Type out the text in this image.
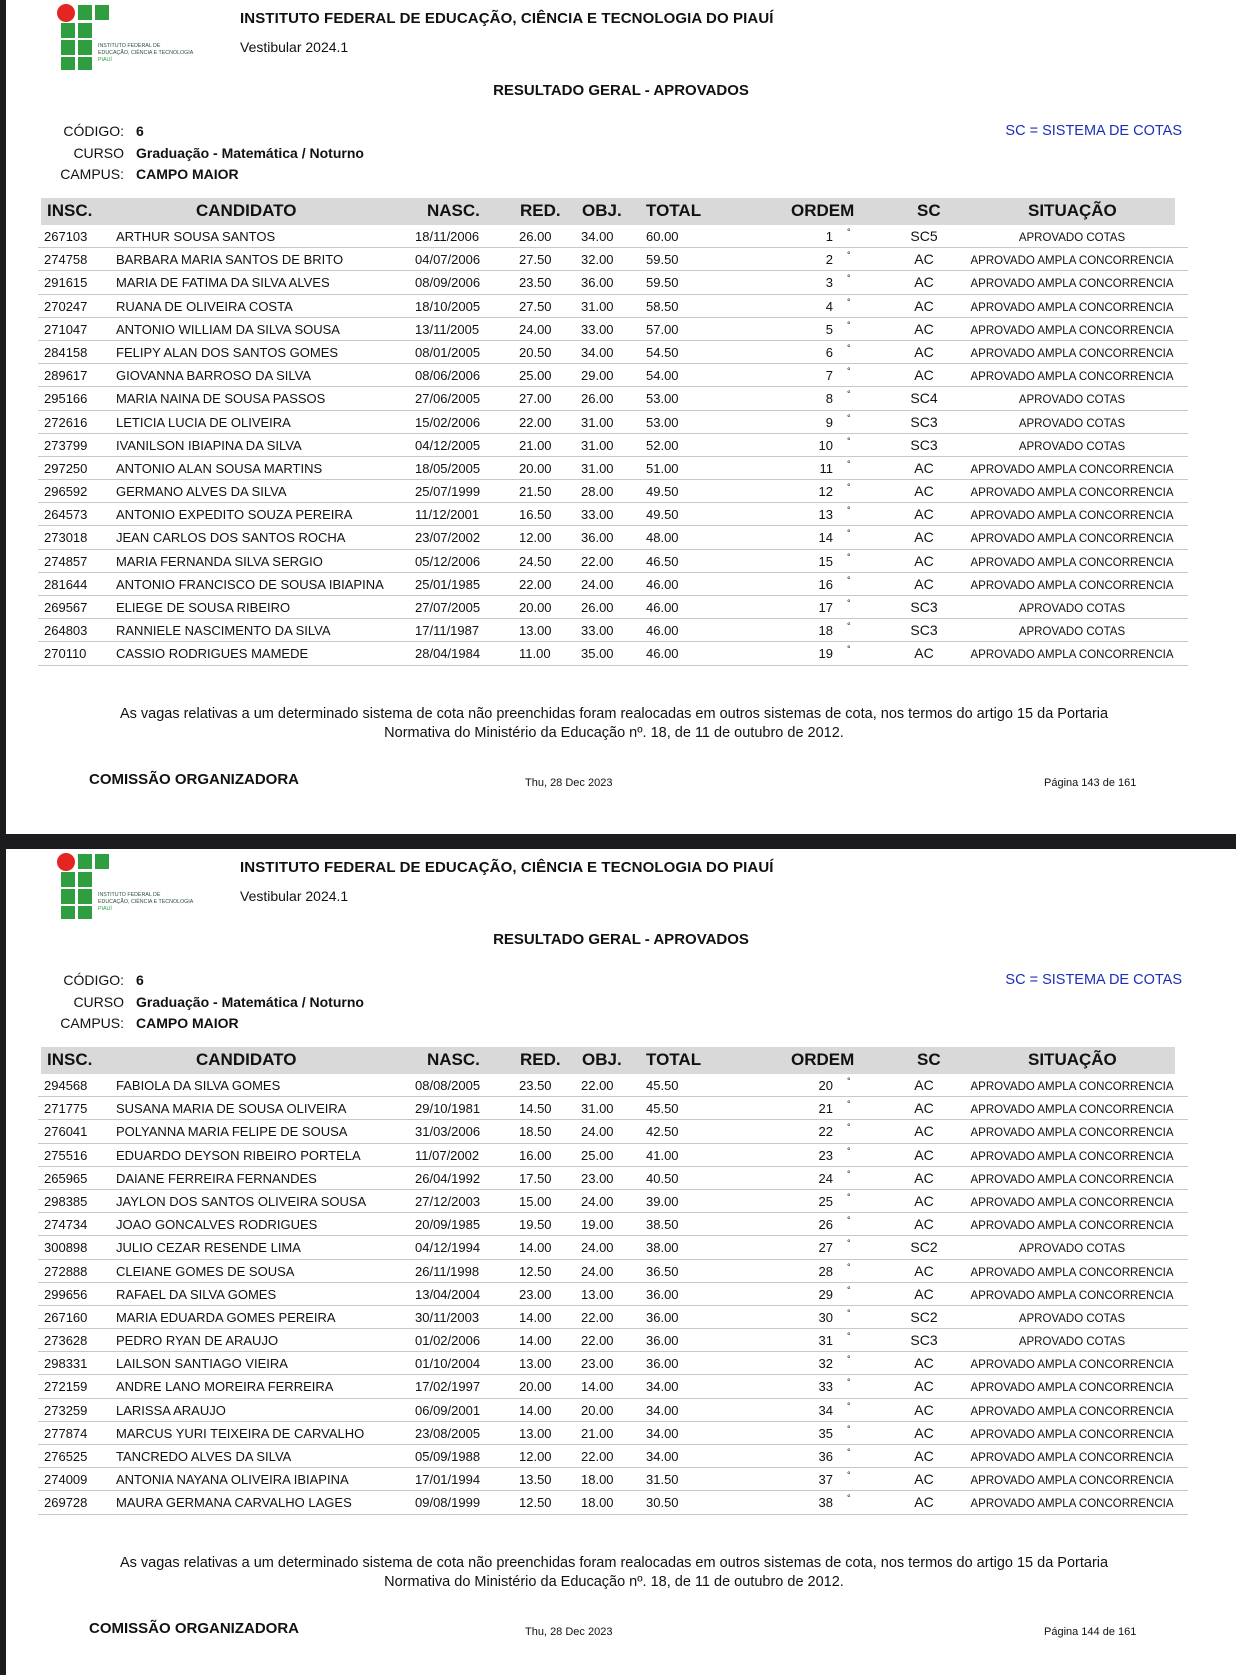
INSTITUTO FEDERAL DE
EDUCAÇÃO, CIÊNCIA E TECNOLOGIA
PIAUÍ
INSTITUTO FEDERAL DE EDUCAÇÃO, CIÊNCIA E TECNOLOGIA DO PIAUÍ
Vestibular 2024.1
RESULTADO GERAL - APROVADOS
CÓDIGO: 6
CURSO Graduação - Matemática / Noturno
CAMPUS: CAMPO MAIOR
SC = SISTEMA DE COTAS
INSC.	CANDIDATO	NASC. RED. OBJ. TOTAL	ORDEM	SC	SITUAÇÃO
267103 ARTHUR SOUSA SANTOS	18/11/2006	26.00 34.00 60.00	1 °	SC5	APROVADO COTAS
274758 BARBARA MARIA SANTOS DE BRITO	04/07/2006	27.50 32.00 59.50	2 °	AC	APROVADO AMPLA CONCORRENCIA
291615 MARIA DE FATIMA DA SILVA ALVES	08/09/2006	23.50 36.00 59.50	3 °	AC	APROVADO AMPLA CONCORRENCIA
270247 RUANA DE OLIVEIRA COSTA	18/10/2005	27.50 31.00 58.50	4 °	AC	APROVADO AMPLA CONCORRENCIA
271047 ANTONIO WILLIAM DA SILVA SOUSA	13/11/2005	24.00 33.00 57.00	5 °	AC	APROVADO AMPLA CONCORRENCIA
284158 FELIPY ALAN DOS SANTOS GOMES	08/01/2005	20.50 34.00 54.50	6 °	AC	APROVADO AMPLA CONCORRENCIA
289617 GIOVANNA BARROSO DA SILVA	08/06/2006	25.00 29.00 54.00	7 °	AC	APROVADO AMPLA CONCORRENCIA
295166 MARIA NAINA DE SOUSA PASSOS	27/06/2005	27.00 26.00 53.00	8 °	SC4	APROVADO COTAS
272616 LETICIA LUCIA DE OLIVEIRA	15/02/2006	22.00 31.00 53.00	9 °	SC3	APROVADO COTAS
273799 IVANILSON IBIAPINA DA SILVA	04/12/2005	21.00 31.00 52.00	10 °	SC3	APROVADO COTAS
297250 ANTONIO ALAN SOUSA MARTINS	18/05/2005	20.00 31.00 51.00	11 °	AC	APROVADO AMPLA CONCORRENCIA
296592 GERMANO ALVES DA SILVA	25/07/1999	21.50 28.00 49.50	12 °	AC	APROVADO AMPLA CONCORRENCIA
264573 ANTONIO EXPEDITO SOUZA PEREIRA	11/12/2001	16.50 33.00 49.50	13 °	AC	APROVADO AMPLA CONCORRENCIA
273018 JEAN CARLOS DOS SANTOS ROCHA	23/07/2002	12.00 36.00 48.00	14 °	AC	APROVADO AMPLA CONCORRENCIA
274857 MARIA FERNANDA SILVA SERGIO	05/12/2006	24.50 22.00 46.50	15 °	AC	APROVADO AMPLA CONCORRENCIA
281644 ANTONIO FRANCISCO DE SOUSA IBIAPINA 25/01/1985	22.00 24.00 46.00	16 °	AC	APROVADO AMPLA CONCORRENCIA
269567 ELIEGE DE SOUSA RIBEIRO	27/07/2005	20.00 26.00 46.00	17 °	SC3	APROVADO COTAS
264803 RANNIELE NASCIMENTO DA SILVA	17/11/1987	13.00 33.00 46.00	18 °	SC3	APROVADO COTAS
270110 CASSIO RODRIGUES MAMEDE	28/04/1984	11.00 35.00 46.00	19 °	AC	APROVADO AMPLA CONCORRENCIA
As vagas relativas a um determinado sistema de cota não preenchidas foram realocadas em outros sistemas de cota, nos termos do artigo 15 da Portaria
Normativa do Ministério da Educação nº. 18, de 11 de outubro de 2012.
COMISSÃO ORGANIZADORA	Thu, 28 Dec 2023	Página 143 de 161
INSTITUTO FEDERAL DE
EDUCAÇÃO, CIÊNCIA E TECNOLOGIA
PIAUÍ
INSTITUTO FEDERAL DE EDUCAÇÃO, CIÊNCIA E TECNOLOGIA DO PIAUÍ
Vestibular 2024.1
RESULTADO GERAL - APROVADOS
CÓDIGO: 6
CURSO Graduação - Matemática / Noturno
CAMPUS: CAMPO MAIOR
SC = SISTEMA DE COTAS
INSC.	CANDIDATO	NASC. RED. OBJ. TOTAL	ORDEM	SC	SITUAÇÃO
294568 FABIOLA DA SILVA GOMES	08/08/2005	23.50 22.00 45.50	20 °	AC	APROVADO AMPLA CONCORRENCIA
271775 SUSANA MARIA DE SOUSA OLIVEIRA	29/10/1981	14.50 31.00 45.50	21 °	AC	APROVADO AMPLA CONCORRENCIA
276041 POLYANNA MARIA FELIPE DE SOUSA	31/03/2006	18.50 24.00 42.50	22 °	AC	APROVADO AMPLA CONCORRENCIA
275516 EDUARDO DEYSON RIBEIRO PORTELA	11/07/2002	16.00 25.00 41.00	23 °	AC	APROVADO AMPLA CONCORRENCIA
265965 DAIANE FERREIRA FERNANDES	26/04/1992	17.50 23.00 40.50	24 °	AC	APROVADO AMPLA CONCORRENCIA
298385 JAYLON DOS SANTOS OLIVEIRA SOUSA	27/12/2003	15.00 24.00 39.00	25 °	AC	APROVADO AMPLA CONCORRENCIA
274734 JOAO GONCALVES RODRIGUES	20/09/1985	19.50 19.00 38.50	26 °	AC	APROVADO AMPLA CONCORRENCIA
300898 JULIO CEZAR RESENDE LIMA	04/12/1994	14.00 24.00 38.00	27 °	SC2	APROVADO COTAS
272888 CLEIANE GOMES DE SOUSA	26/11/1998	12.50 24.00 36.50	28 °	AC	APROVADO AMPLA CONCORRENCIA
299656 RAFAEL DA SILVA GOMES	13/04/2004	23.00 13.00 36.00	29 °	AC	APROVADO AMPLA CONCORRENCIA
267160 MARIA EDUARDA GOMES PEREIRA	30/11/2003	14.00 22.00 36.00	30 °	SC2	APROVADO COTAS
273628 PEDRO RYAN DE ARAUJO	01/02/2006	14.00 22.00 36.00	31 °	SC3	APROVADO COTAS
298331 LAILSON SANTIAGO VIEIRA	01/10/2004	13.00 23.00 36.00	32 °	AC	APROVADO AMPLA CONCORRENCIA
272159 ANDRE LANO MOREIRA FERREIRA	17/02/1997	20.00 14.00 34.00	33 °	AC	APROVADO AMPLA CONCORRENCIA
273259 LARISSA ARAUJO	06/09/2001	14.00 20.00 34.00	34 °	AC	APROVADO AMPLA CONCORRENCIA
277874 MARCUS YURI TEIXEIRA DE CARVALHO	23/08/2005	13.00 21.00 34.00	35 °	AC	APROVADO AMPLA CONCORRENCIA
276525 TANCREDO ALVES DA SILVA	05/09/1988	12.00 22.00 34.00	36 °	AC	APROVADO AMPLA CONCORRENCIA
274009 ANTONIA NAYANA OLIVEIRA IBIAPINA	17/01/1994	13.50 18.00 31.50	37 °	AC	APROVADO AMPLA CONCORRENCIA
269728 MAURA GERMANA CARVALHO LAGES	09/08/1999	12.50 18.00 30.50	38 °	AC	APROVADO AMPLA CONCORRENCIA
As vagas relativas a um determinado sistema de cota não preenchidas foram realocadas em outros sistemas de cota, nos termos do artigo 15 da Portaria
Normativa do Ministério da Educação nº. 18, de 11 de outubro de 2012.
COMISSÃO ORGANIZADORA	Thu, 28 Dec 2023	Página 144 de 161
